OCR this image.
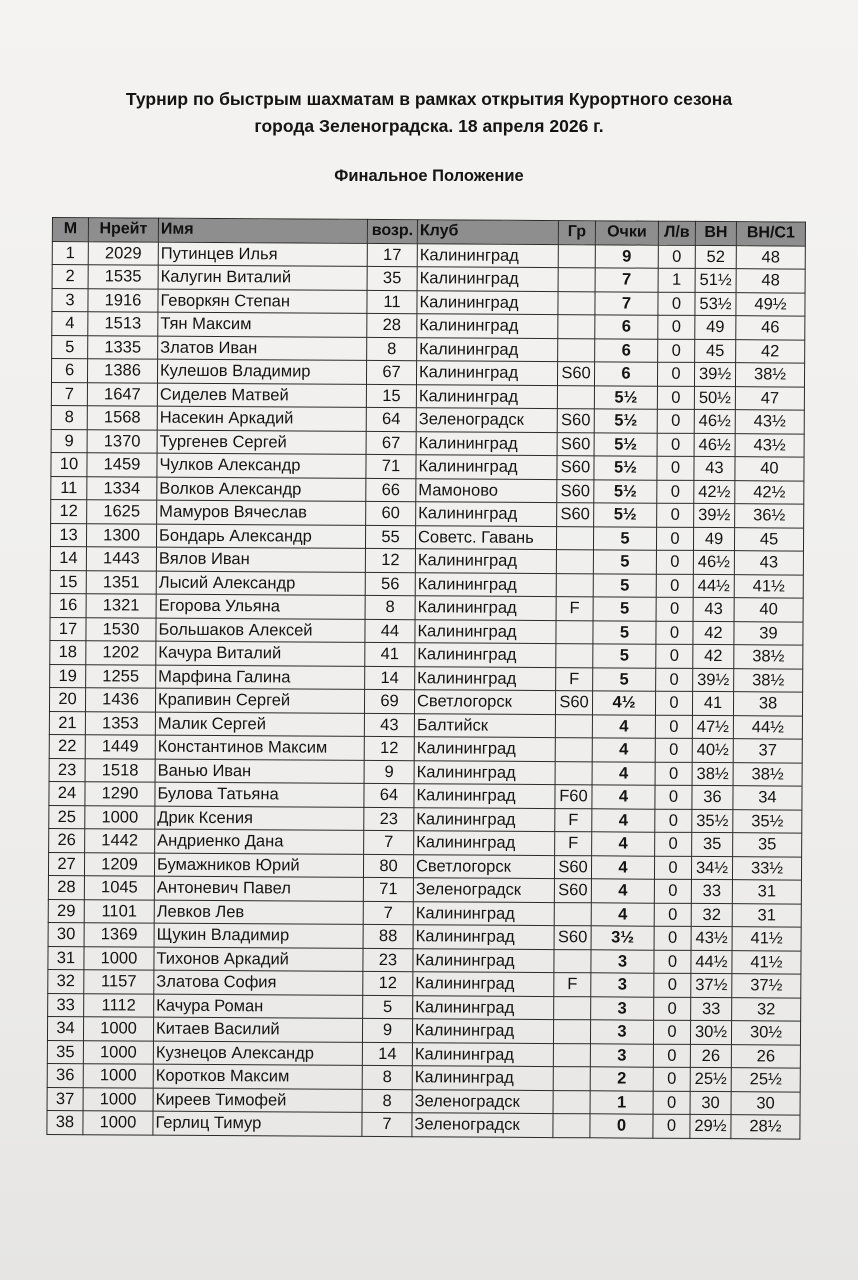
Турнир по быстрым шахматам в рамках открытия Курортного сезона
города Зеленоградска. 18 апреля 2026 г.
Финальное Положение
М	Нрейт	Имя	возр.	Клуб	Гр	Очки	Л/в	ВН	ВН/С1
1	2029	Путинцев Илья	17	Калининград		9	0	52	48
2	1535	Калугин Виталий	35	Калининград		7	1	51½	48
3	1916	Геворкян Степан	11	Калининград		7	0	53½	49½
4	1513	Тян Максим	28	Калининград		6	0	49	46
5	1335	Златов Иван	8	Калининград		6	0	45	42
6	1386	Кулешов Владимир	67	Калининград	S60	6	0	39½	38½
7	1647	Сиделев Матвей	15	Калининград		5½	0	50½	47
8	1568	Насекин Аркадий	64	Зеленоградск	S60	5½	0	46½	43½
9	1370	Тургенев Сергей	67	Калининград	S60	5½	0	46½	43½
10	1459	Чулков Александр	71	Калининград	S60	5½	0	43	40
11	1334	Волков Александр	66	Мамоново	S60	5½	0	42½	42½
12	1625	Мамуров Вячеслав	60	Калининград	S60	5½	0	39½	36½
13	1300	Бондарь Александр	55	Советс. Гавань		5	0	49	45
14	1443	Вялов Иван	12	Калининград		5	0	46½	43
15	1351	Лысий Александр	56	Калининград		5	0	44½	41½
16	1321	Егорова Ульяна	8	Калининград	F	5	0	43	40
17	1530	Большаков Алексей	44	Калининград		5	0	42	39
18	1202	Качура Виталий	41	Калининград		5	0	42	38½
19	1255	Марфина Галина	14	Калининград	F	5	0	39½	38½
20	1436	Крапивин Сергей	69	Светлогорск	S60	4½	0	41	38
21	1353	Малик Сергей	43	Балтийск		4	0	47½	44½
22	1449	Константинов Максим	12	Калининград		4	0	40½	37
23	1518	Ванью Иван	9	Калининград		4	0	38½	38½
24	1290	Булова Татьяна	64	Калининград	F60	4	0	36	34
25	1000	Дрик Ксения	23	Калининград	F	4	0	35½	35½
26	1442	Андриенко Дана	7	Калининград	F	4	0	35	35
27	1209	Бумажников Юрий	80	Светлогорск	S60	4	0	34½	33½
28	1045	Антоневич Павел	71	Зеленоградск	S60	4	0	33	31
29	1101	Левков Лев	7	Калининград		4	0	32	31
30	1369	Щукин Владимир	88	Калининград	S60	3½	0	43½	41½
31	1000	Тихонов Аркадий	23	Калининград		3	0	44½	41½
32	1157	Златова София	12	Калининград	F	3	0	37½	37½
33	1112	Качура Роман	5	Калининград		3	0	33	32
34	1000	Китаев Василий	9	Калининград		3	0	30½	30½
35	1000	Кузнецов Александр	14	Калининград		3	0	26	26
36	1000	Коротков Максим	8	Калининград		2	0	25½	25½
37	1000	Киреев Тимофей	8	Зеленоградск		1	0	30	30
38	1000	Герлиц Тимур	7	Зеленоградск		0	0	29½	28½
